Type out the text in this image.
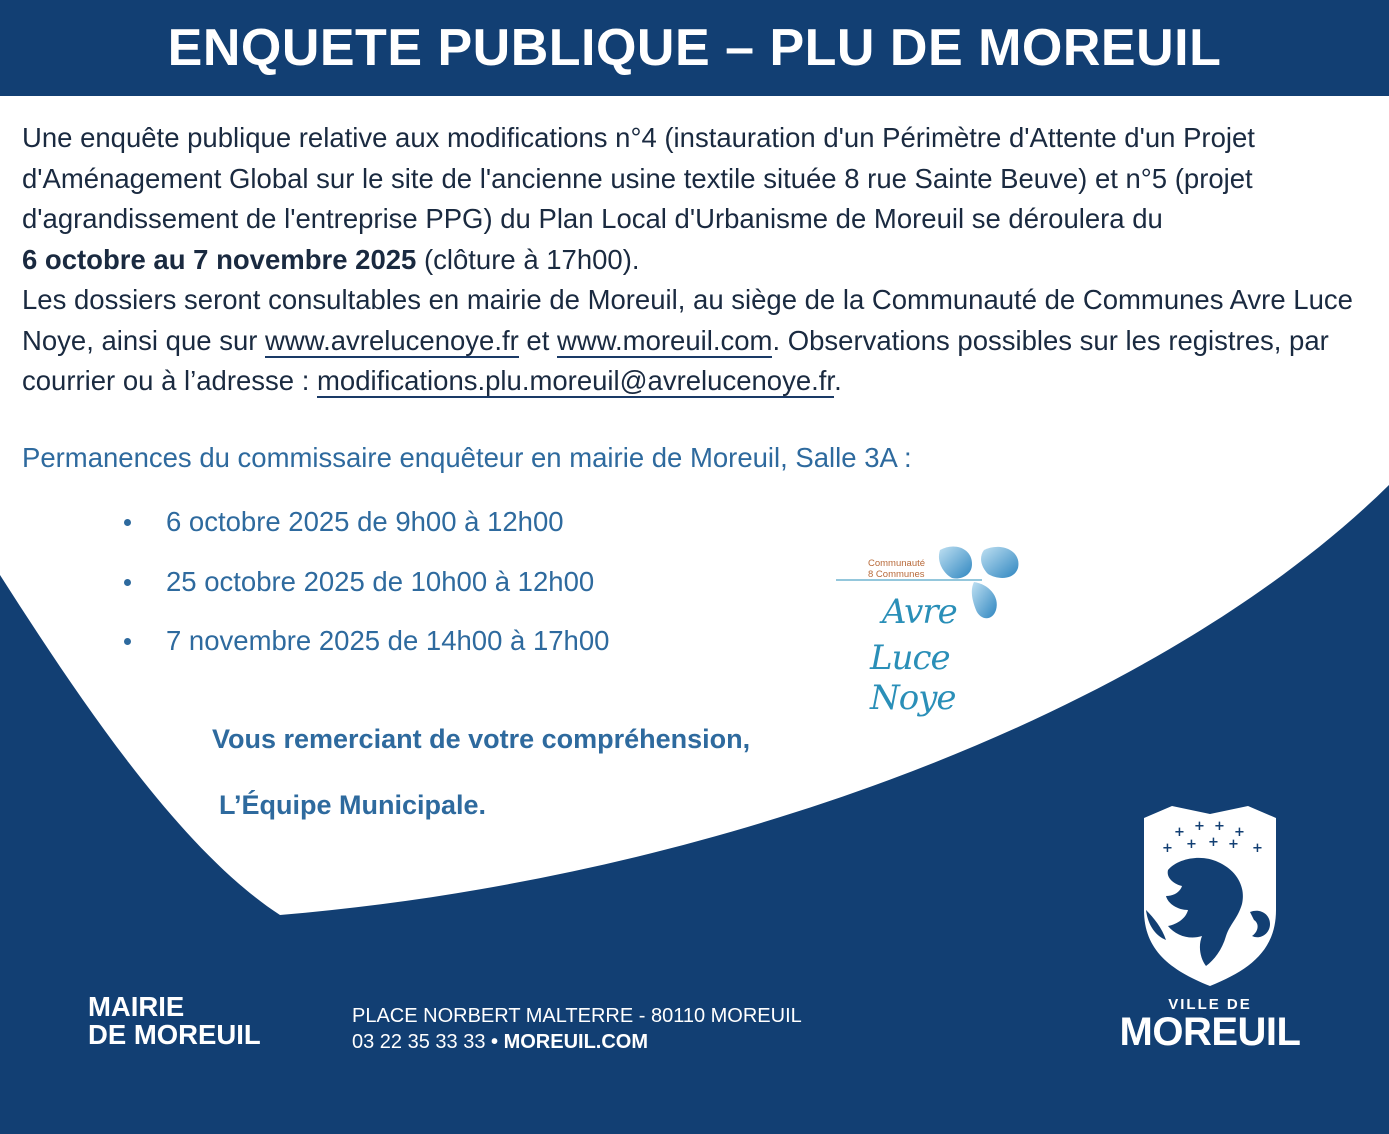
ENQUETE PUBLIQUE – PLU DE MOREUIL

Une enquête publique relative aux modifications n°4 (instauration d'un Périmètre d'Attente d'un Projet d'Aménagement Global sur le site de l'ancienne usine textile située 8 rue Sainte Beuve) et n°5 (projet d'agrandissement de l'entreprise PPG) du Plan Local d'Urbanisme de Moreuil se déroulera du
6 octobre au 7 novembre 2025 (clôture à 17h00).

Les dossiers seront consultables en mairie de Moreuil, au siège de la Communauté de Communes Avre Luce Noye, ainsi que sur www.avrelucenoye.fr et www.moreuil.com. Observations possibles sur les registres, par courrier ou à l’adresse : modifications.plu.moreuil@avrelucenoye.fr.

Permanences du commissaire enquêteur en mairie de Moreuil, Salle 3A :
6 octobre 2025 de 9h00 à 12h00
25 octobre 2025 de 10h00 à 12h00
7 novembre 2025 de 14h00 à 17h00
Communauté
8 Communes
Avre
Luce Noye
Vous remerciant de votre compréhension,
L’Équipe Municipale.
MAIRIE
DE MOREUIL
PLACE NORBERT MALTERRE - 80110 MOREUIL
03 22 35 33 33 • MOREUIL.COM
+ + + +
+ + + + +
VILLE DE
MOREUIL
